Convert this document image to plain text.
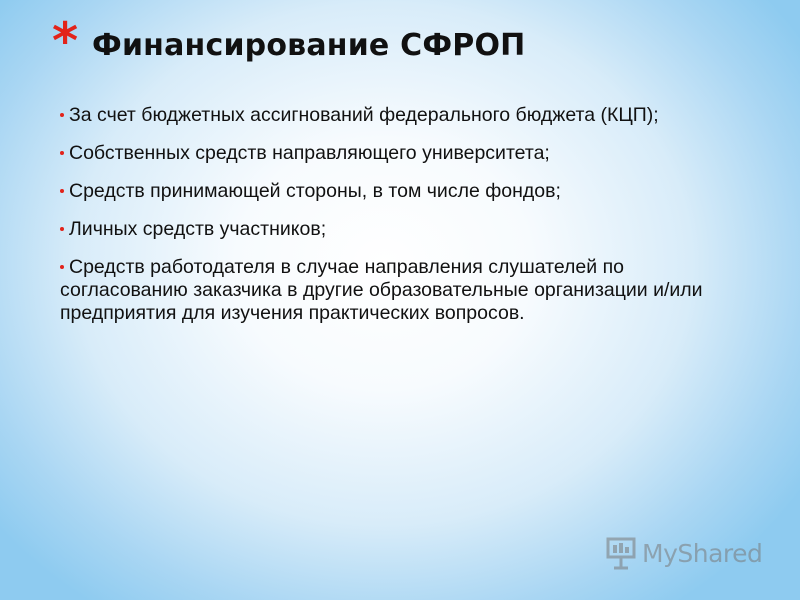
* Финансирование СФРОП
За счет бюджетных ассигнований федерального бюджета (КЦП);
Собственных средств направляющего университета;
Средств принимающей стороны, в том числе фондов;
Личных средств участников;
Средств работодателя в случае направления слушателей по согласованию заказчика в другие образовательные организации и/или предприятия для изучения практических вопросов.
MyShared
